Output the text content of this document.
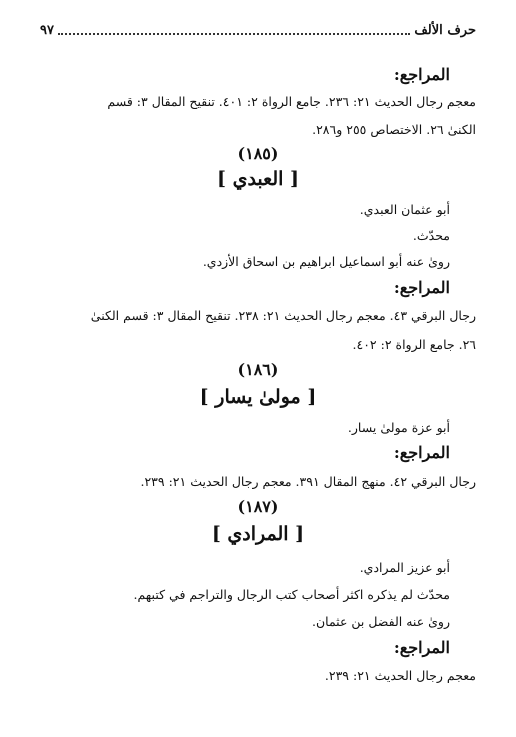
حرف الألف
٩٧
المراجع:
معجم رجال الحديث ٢١: ٢٣٦. جامع الرواة ٢: ٤٠١. تنقيح المقال ٣: قسم
الكنىٰ ٢٦. الاختصاص ٢٥٥ و٢٨٦.
(١٨٥)
[ العبدي ]
أبو عثمان العبدي.
محدّث.
رویٰ عنه أبو اسماعيل ابراهيم بن اسحاق الأزدي.
المراجع:
رجال البرقي ٤٣. معجم رجال الحديث ٢١: ٢٣٨. تنقيح المقال ٣: قسم الكنىٰ
٢٦. جامع الرواة ٢: ٤٠٢.
(١٨٦)
[ مولیٰ يسار ]
أبو عزة مولیٰ يسار.
المراجع:
رجال البرقي ٤٢. منهج المقال ٣٩١. معجم رجال الحديث ٢١: ٢٣٩.
(١٨٧)
[ المرادي ]
أبو عزيز المرادي.
محدّث لم يذكره اكثر أصحاب كتب الرجال والتراجم في كتبهم.
رویٰ عنه الفضل بن عثمان.
المراجع:
معجم رجال الحديث ٢١: ٢٣٩.
